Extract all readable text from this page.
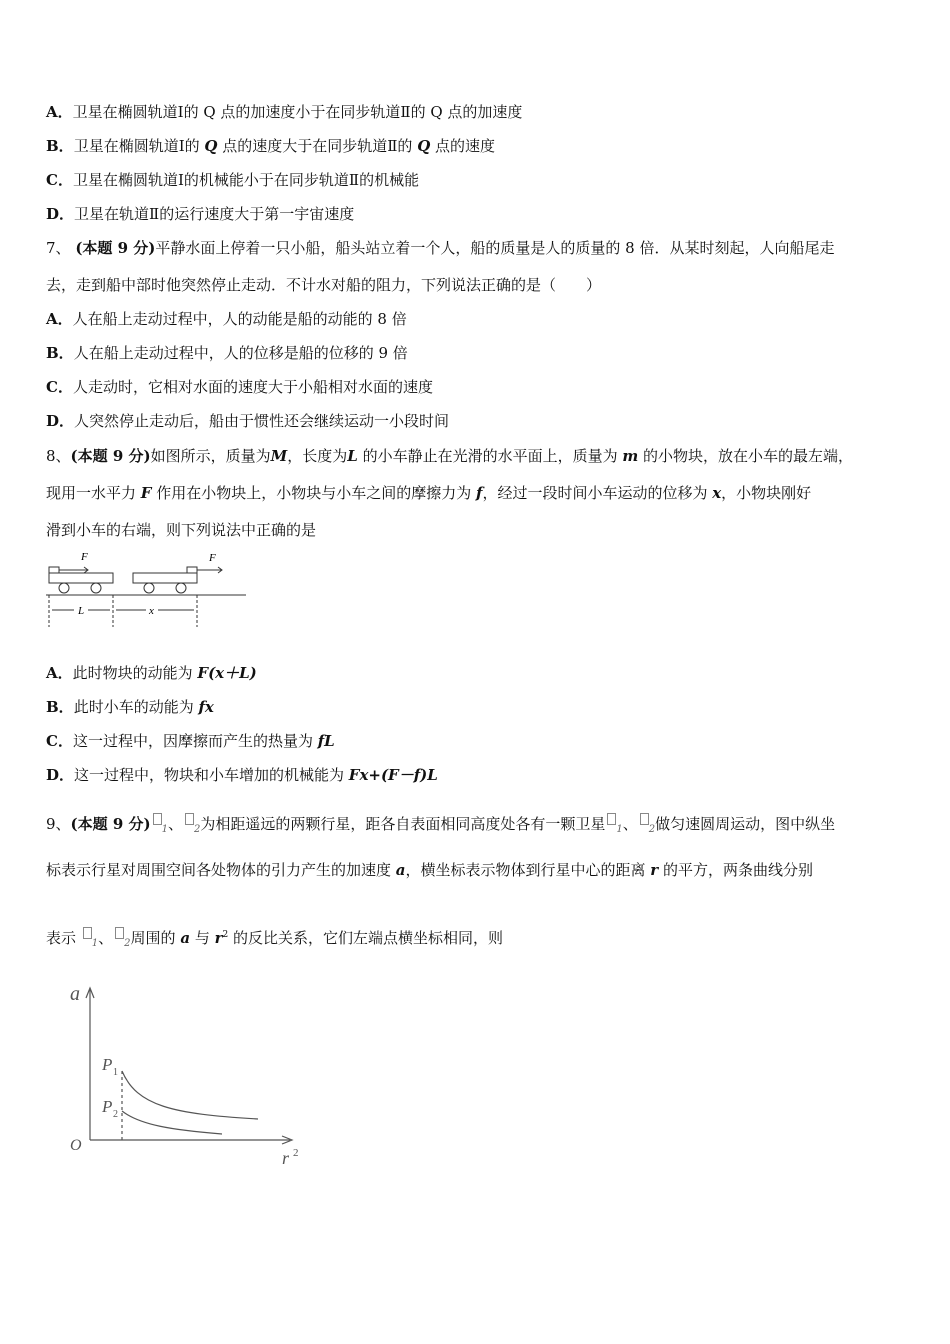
A．卫星在椭圆轨道Ⅰ的 Q 点的加速度小于在同步轨道Ⅱ的 Q 点的加速度
B．卫星在椭圆轨道Ⅰ的 Q 点的速度大于在同步轨道Ⅱ的 Q 点的速度
C．卫星在椭圆轨道Ⅰ的机械能小于在同步轨道Ⅱ的机械能
D．卫星在轨道Ⅱ的运行速度大于第一宇宙速度
7、 (本题 9 分)平静水面上停着一只小船，船头站立着一个人，船的质量是人的质量的 8 倍．从某时刻起，人向船尾走
去，走到船中部时他突然停止走动．不计水对船的阻力，下列说法正确的是（　　）
A．人在船上走动过程中，人的动能是船的动能的 8 倍
B．人在船上走动过程中，人的位移是船的位移的 9 倍
C．人走动时，它相对水面的速度大于小船相对水面的速度
D．人突然停止走动后，船由于惯性还会继续运动一小段时间
8、(本题 9 分)如图所示，质量为M，长度为L 的小车静止在光滑的水平面上，质量为 m 的小物块，放在小车的最左端，
现用一水平力 F 作用在小物块上，小物块与小车之间的摩擦力为 f，经过一段时间小车运动的位移为 x，小物块刚好
滑到小车的右端，则下列说法中正确的是
F	F
L	x
A．此时物块的动能为 F(x＋L)
B．此时小车的动能为 fx
C．这一过程中，因摩擦而产生的热量为 fL
D．这一过程中，物块和小车增加的机械能为 Fx+(F－f)L
9、(本题 9 分) $_1$、 $_2$为相距遥远的两颗行星，距各自表面相同高度处各有一颗卫星 $_1$、 $_2$做匀速圆周运动，图中纵坐
标表示行星对周围空间各处物体的引力产生的加速度 a，横坐标表示物体到行星中心的距离 r 的平方，两条曲线分别
表示 $_1$、 $_2$周围的 a 与 $r^2$ 的反比关系，它们左端点横坐标相同，则
a
r 2
O
P 1
P 2
